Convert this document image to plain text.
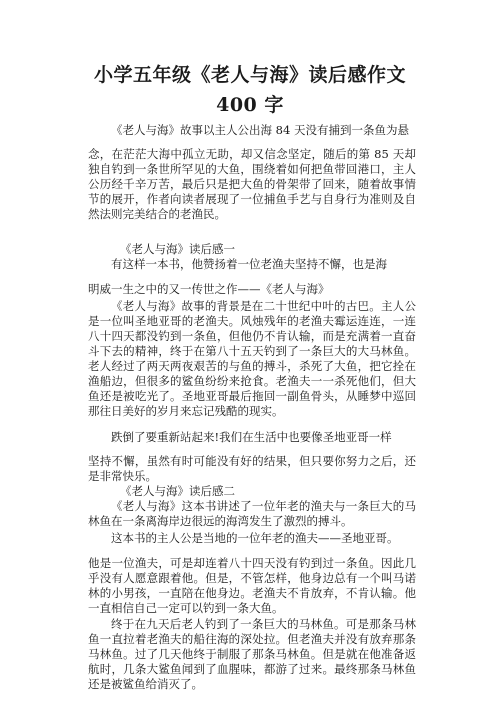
小学五年级《老人与海》读后感作文 400 字

《老人与海》故事以主人公出海 84 天没有捕到一条鱼为悬

念，在茫茫大海中孤立无助，却又信念坚定，随后的第 85 天却独自钓到一条世所罕见的大鱼，围绕着如何把鱼带回港口，主人公历经千辛万苦，最后只是把大鱼的骨架带了回来，随着故事情节的展开，作者向读者展现了一位捕鱼手艺与自身行为准则及自然法则完美结合的老渔民。

《老人与海》读后感一

有这样一本书，他赞扬着一位老渔夫坚持不懈，也是海

明威一生之中的又一传世之作——《老人与海》

《老人与海》故事的背景是在二十世纪中叶的古巴。主人公是一位叫圣地亚哥的老渔夫。风烛残年的老渔夫霉运连连，一连八十四天都没钓到一条鱼，但他仍不肯认输，而是充满着一直奋斗下去的精神，终于在第八十五天钓到了一条巨大的大马林鱼。老人经过了两天两夜艰苦的与鱼的搏斗，杀死了大鱼，把它拴在渔船边，但很多的鲨鱼纷纷来抢食。老渔夫一一杀死他们，但大鱼还是被吃光了。圣地亚哥最后拖回一副鱼骨头，从睡梦中巡回那往日美好的岁月来忘记残酷的现实。

跌倒了要重新站起来!我们在生活中也要像圣地亚哥一样

坚持不懈，虽然有时可能没有好的结果，但只要你努力之后，还是非常快乐。

《老人与海》读后感二

《老人与海》这本书讲述了一位年老的渔夫与一条巨大的马林鱼在一条离海岸边很远的海湾发生了激烈的搏斗。

这本书的主人公是当地的一位年老的渔夫——圣地亚哥。

他是一位渔夫，可是却连着八十四天没有钓到过一条鱼。因此几乎没有人愿意跟着他。但是，不管怎样，他身边总有一个叫马诺林的小男孩，一直陪在他身边。老渔夫不肯放弃，不肯认输。他一直相信自己一定可以钓到一条大鱼。

终于在九天后老人钓到了一条巨大的马林鱼。可是那条马林鱼一直拉着老渔夫的船往海的深处拉。但老渔夫并没有放弃那条马林鱼。过了几天他终于制服了那条马林鱼。但是就在他准备返航时，几条大鲨鱼闻到了血腥味，都游了过来。最终那条马林鱼还是被鲨鱼给消灭了。
